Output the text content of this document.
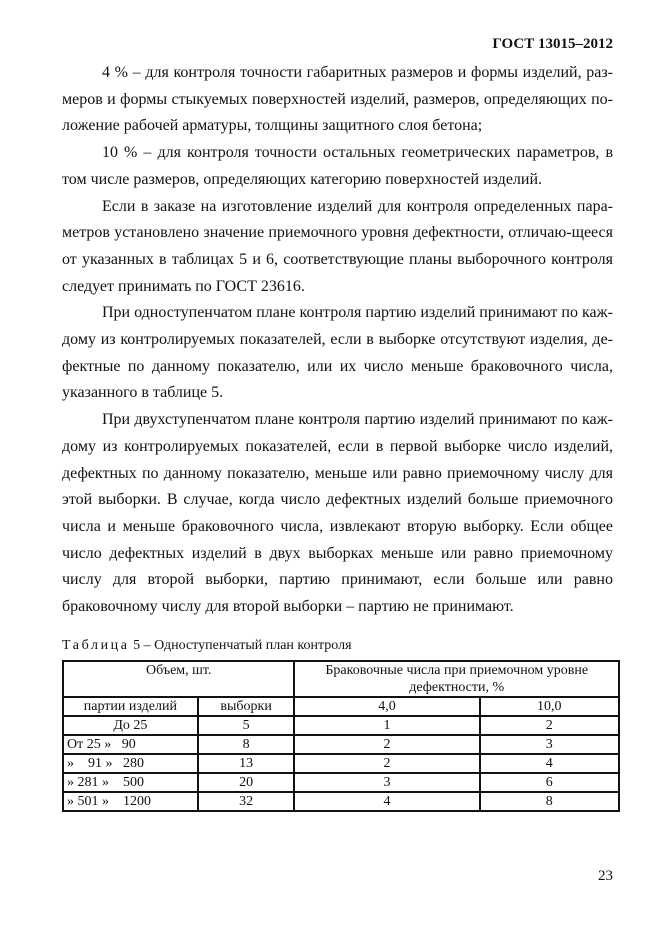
ГОСТ 13015–2012

4 % – для контроля точности габаритных размеров и формы изделий, размеров и формы стыкуемых поверхностей изделий, размеров, определяющих положение рабочей арматуры, толщины защитного слоя бетона;

10 % – для контроля точности остальных геометрических параметров, в том числе размеров, определяющих категорию поверхностей изделий.

Если в заказе на изготовление изделий для контроля определенных параметров установлено значение приемочного уровня дефектности, отличаю-щееся от указанных в таблицах 5 и 6, соответствующие планы выборочного контроля следует принимать по ГОСТ 23616.

При одноступенчатом плане контроля партию изделий принимают по каждому из контролируемых показателей, если в выборке отсутствуют изделия, дефектные по данному показателю, или их число меньше браковочного числа, указанного в таблице 5.

При двухступенчатом плане контроля партию изделий принимают по каждому из контролируемых показателей, если в первой выборке число изделий, дефектных по данному показателю, меньше или равно приемочному числу для этой выборки. В случае, когда число дефектных изделий больше приемочного числа и меньше браковочного числа, извлекают вторую выборку. Если общее число дефектных изделий в двух выборках меньше или равно приемочному числу для второй выборки, партию принимают, если больше или равно браковочному числу для второй выборки – партию не принимают.

Таблица 5 – Одноступенчатый план контроля
Объем, шт.		Браковочные числа при приемочном уровне дефектности, %	
партии изделий	выборки	4,0	10,0
До 25	5	1	2
От 25 »   90	8	2	3
»    91 »   280	13	2	4
» 281 »    500	20	3	6
» 501 »    1200	32	4	8
23
